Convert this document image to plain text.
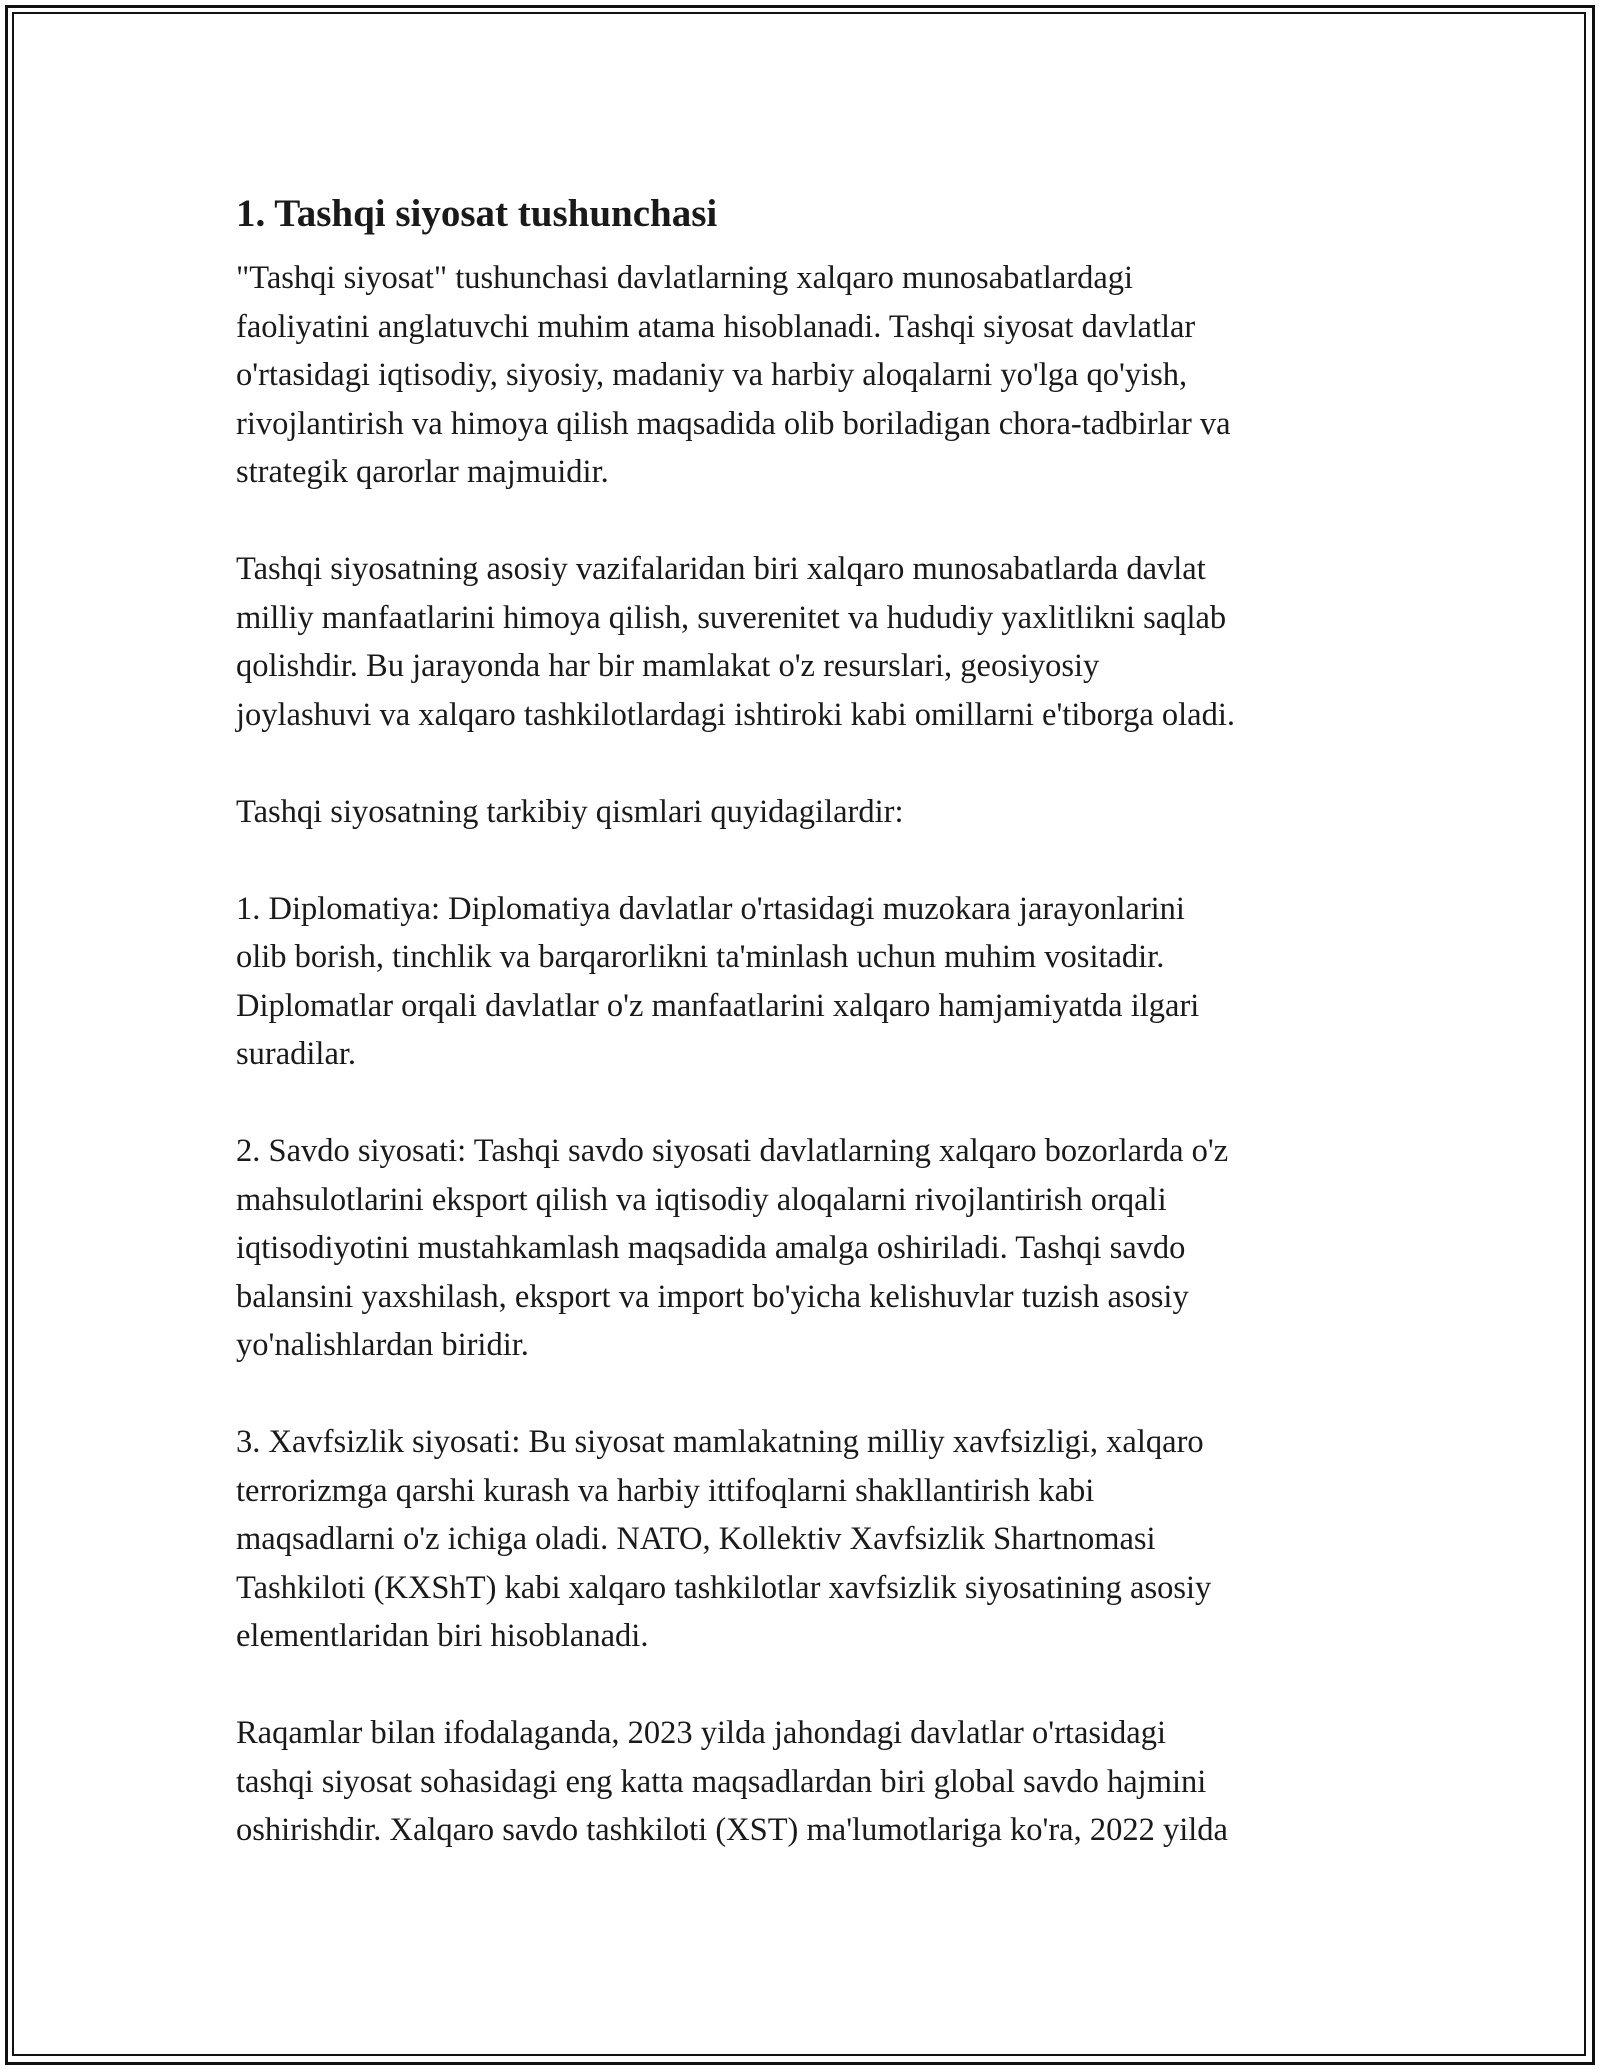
1. Tashqi siyosat tushunchasi
"Tashqi siyosat" tushunchasi davlatlarning xalqaro munosabatlardagi
faoliyatini anglatuvchi muhim atama hisoblanadi. Tashqi siyosat davlatlar
o'rtasidagi iqtisodiy, siyosiy, madaniy va harbiy aloqalarni yo'lga qo'yish,
rivojlantirish va himoya qilish maqsadida olib boriladigan chora-tadbirlar va
strategik qarorlar majmuidir.
Tashqi siyosatning asosiy vazifalaridan biri xalqaro munosabatlarda davlat
milliy manfaatlarini himoya qilish, suverenitet va hududiy yaxlitlikni saqlab
qolishdir. Bu jarayonda har bir mamlakat o'z resurslari, geosiyosiy
joylashuvi va xalqaro tashkilotlardagi ishtiroki kabi omillarni e'tiborga oladi.
Tashqi siyosatning tarkibiy qismlari quyidagilardir:
1. Diplomatiya: Diplomatiya davlatlar o'rtasidagi muzokara jarayonlarini
olib borish, tinchlik va barqarorlikni ta'minlash uchun muhim vositadir.
Diplomatlar orqali davlatlar o'z manfaatlarini xalqaro hamjamiyatda ilgari
suradilar.
2. Savdo siyosati: Tashqi savdo siyosati davlatlarning xalqaro bozorlarda o'z
mahsulotlarini eksport qilish va iqtisodiy aloqalarni rivojlantirish orqali
iqtisodiyotini mustahkamlash maqsadida amalga oshiriladi. Tashqi savdo
balansini yaxshilash, eksport va import bo'yicha kelishuvlar tuzish asosiy
yo'nalishlardan biridir.
3. Xavfsizlik siyosati: Bu siyosat mamlakatning milliy xavfsizligi, xalqaro
terrorizmga qarshi kurash va harbiy ittifoqlarni shakllantirish kabi
maqsadlarni o'z ichiga oladi. NATO, Kollektiv Xavfsizlik Shartnomasi
Tashkiloti (KXShT) kabi xalqaro tashkilotlar xavfsizlik siyosatining asosiy
elementlaridan biri hisoblanadi.
Raqamlar bilan ifodalaganda, 2023 yilda jahondagi davlatlar o'rtasidagi
tashqi siyosat sohasidagi eng katta maqsadlardan biri global savdo hajmini
oshirishdir. Xalqaro savdo tashkiloti (XST) ma'lumotlariga ko'ra, 2022 yilda
